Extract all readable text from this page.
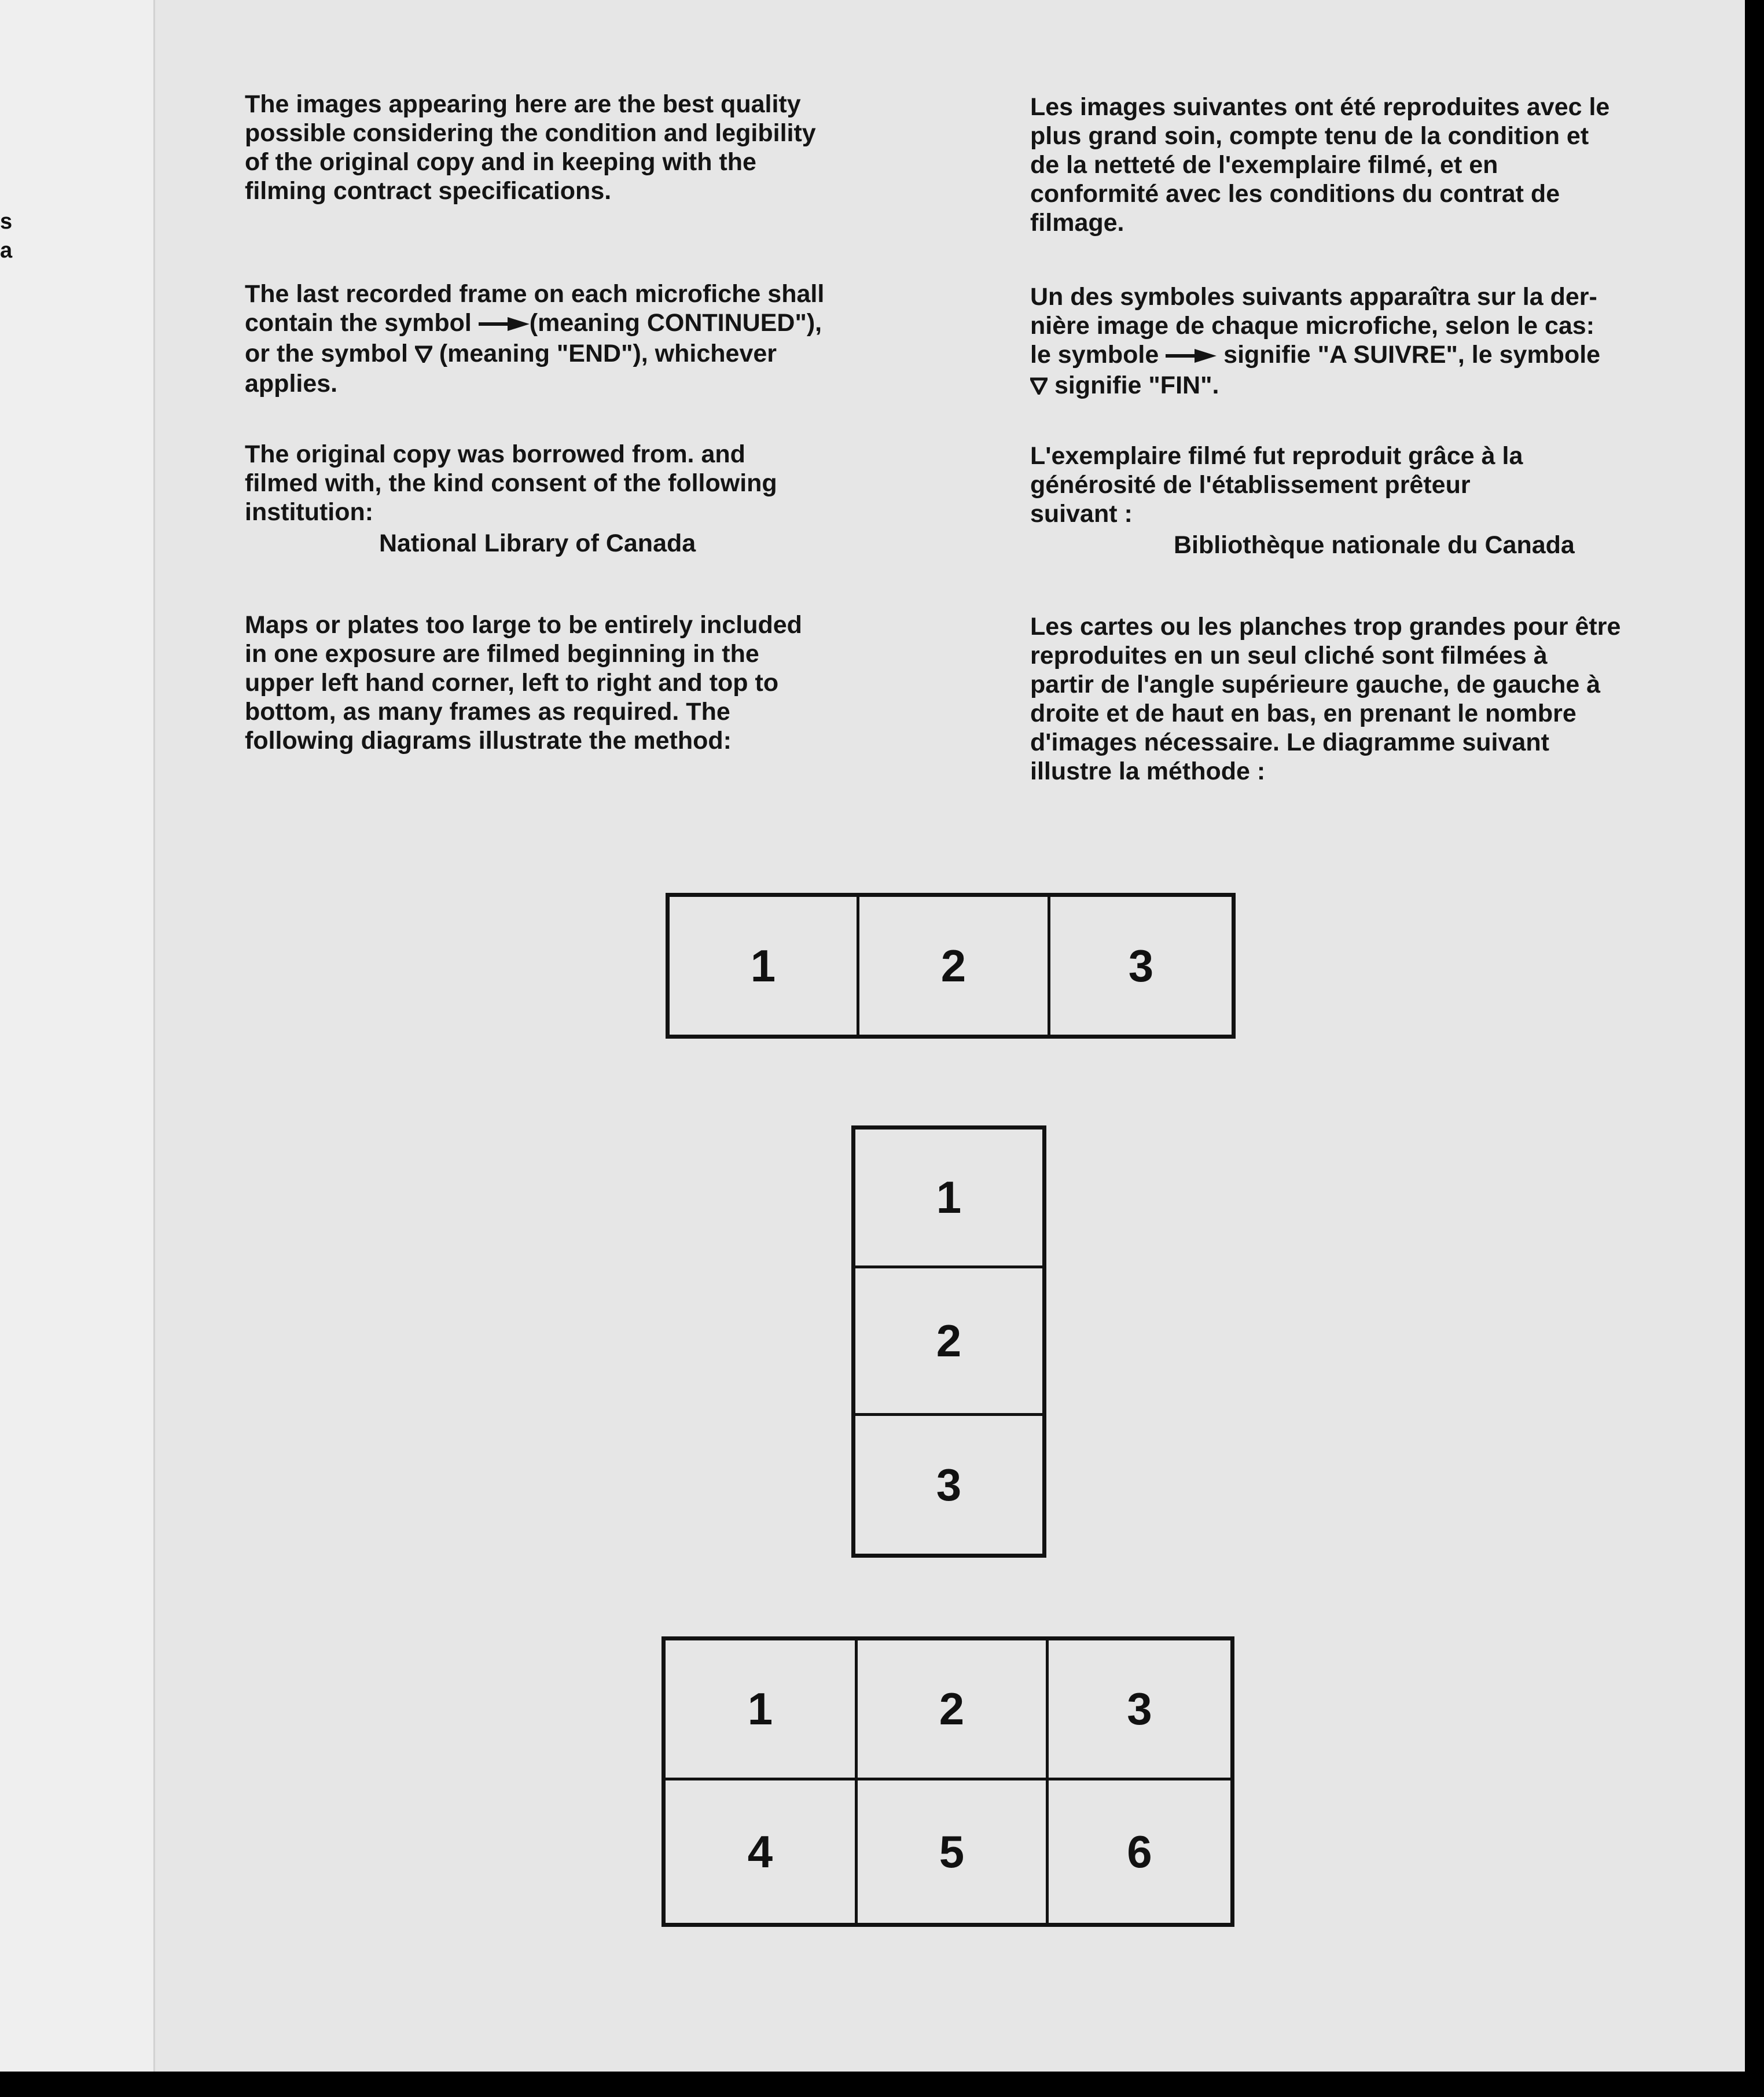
s
a
The images appearing here are the best quality
possible considering the condition and legibility
of the original copy and in keeping with the
filming contract specifications.
The last recorded frame on each microfiche shall
contain the symbol (meaning CONTINUED"),
or the symbol  (meaning "END"), whichever
applies.
The original copy was borrowed from. and
filmed with, the kind consent of the following
institution:
National Library of Canada
Maps or plates too large to be entirely included
in one exposure are filmed beginning in the
upper left hand corner, left to right and top to
bottom, as many frames as required. The
following diagrams illustrate the method:
Les images suivantes ont été reproduites avec le
plus grand soin, compte tenu de la condition et
de la netteté de l'exemplaire filmé, et en
conformité avec les conditions du contrat de
filmage.
Un des symboles suivants apparaîtra sur la der-
nière image de chaque microfiche, selon le cas:
le symbole  signifie "A SUIVRE", le symbole
signifie "FIN".
L'exemplaire filmé fut reproduit grâce à la
générosité de l'établissement prêteur
suivant :
Bibliothèque nationale du Canada
Les cartes ou les planches trop grandes pour être
reproduites en un seul cliché sont filmées à
partir de l'angle supérieure gauche, de gauche à
droite et de haut en bas, en prenant le nombre
d'images nécessaire. Le diagramme suivant
illustre la méthode :
1	2	3
1
2
3
1	2	3
4	5	6
